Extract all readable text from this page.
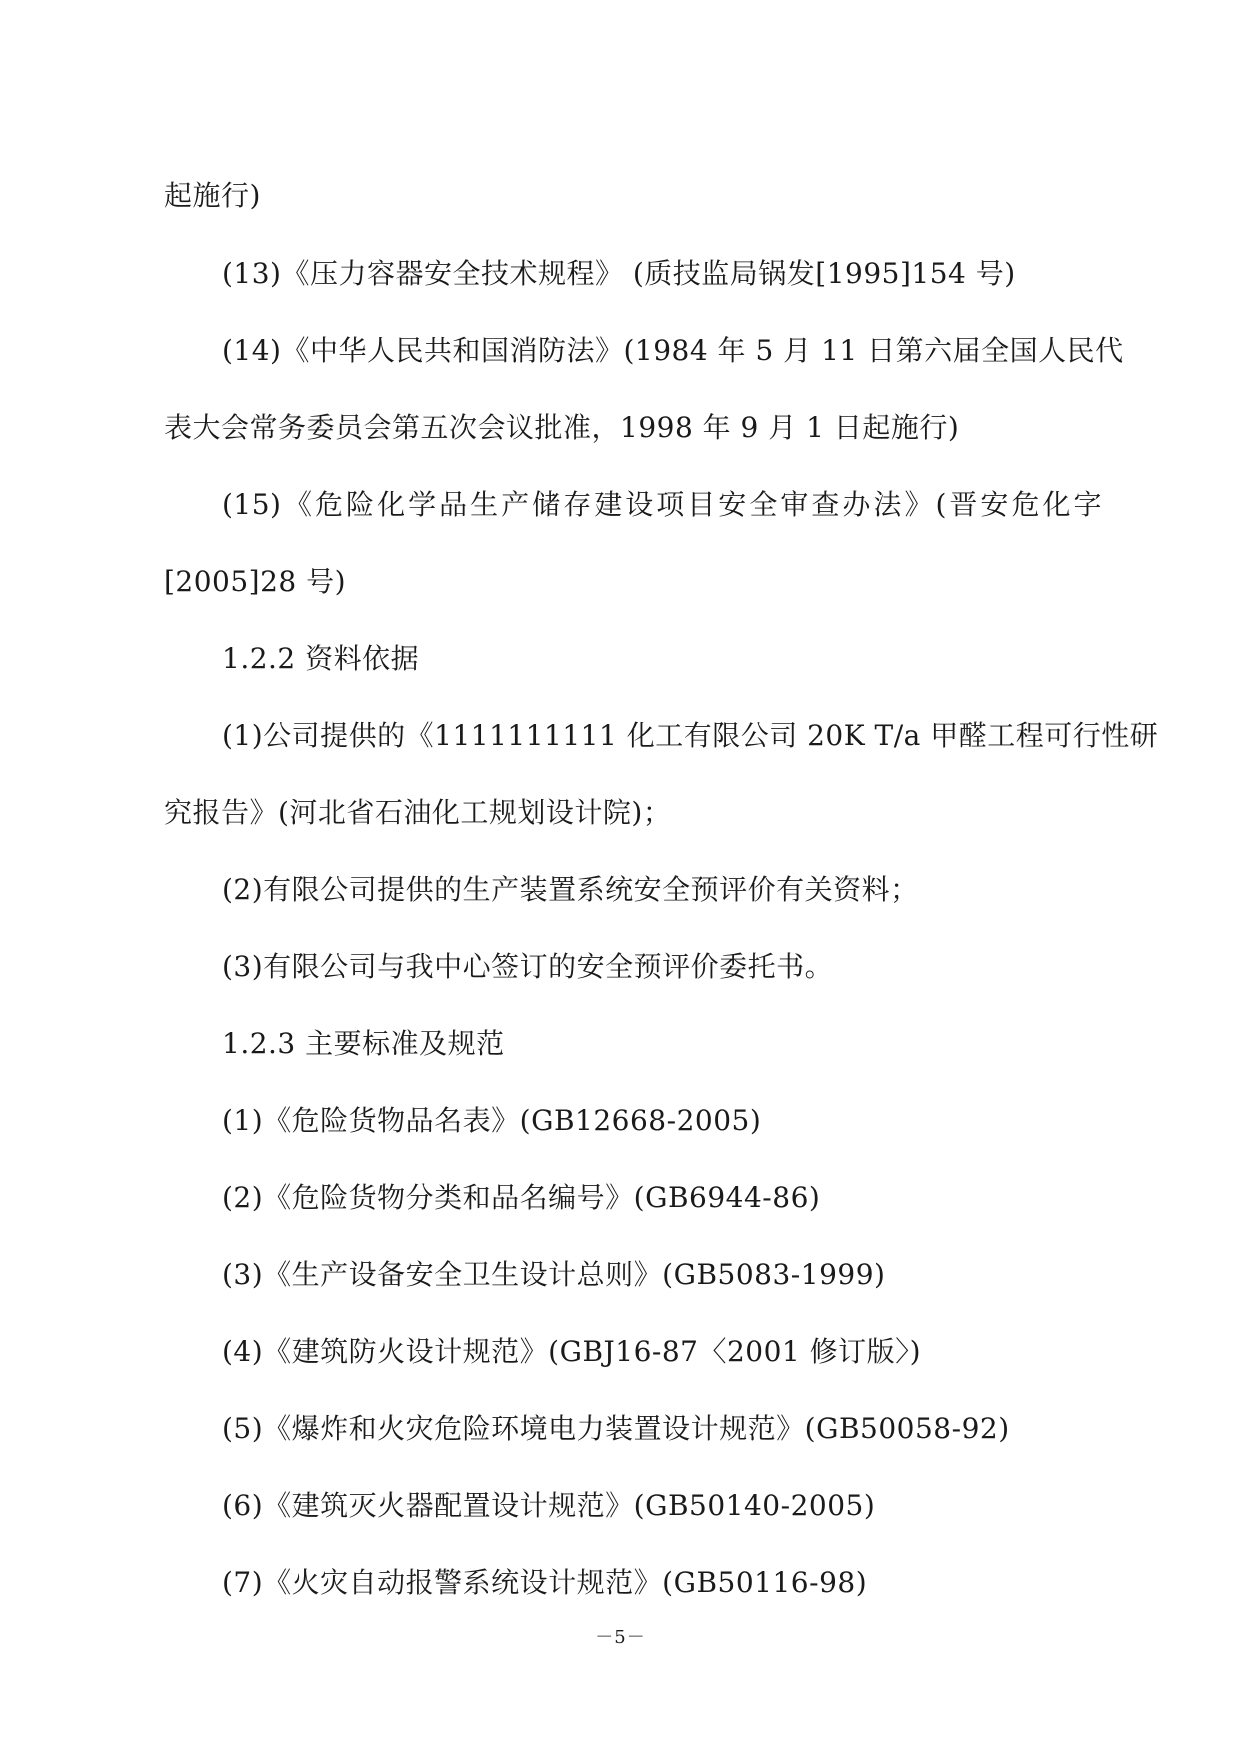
起施行)
(13)《压力容器安全技术规程》 (质技监局锅发[1995]154 号)
(14)《中华人民共和国消防法》(1984 年 5 月 11 日第六届全国人民代
表大会常务委员会第五次会议批准，1998 年 9 月 1 日起施行)
(15)《危险化学品生产储存建设项目安全审查办法》(晋安危化字
[2005]28 号)
1.2.2 资料依据
(1)公司提供的《1111111111 化工有限公司 20K T/a 甲醛工程可行性研
究报告》(河北省石油化工规划设计院)；
(2)有限公司提供的生产装置系统安全预评价有关资料；
(3)有限公司与我中心签订的安全预评价委托书。
1.2.3 主要标准及规范
(1)《危险货物品名表》(GB12668-2005)
(2)《危险货物分类和品名编号》(GB6944-86)
(3)《生产设备安全卫生设计总则》(GB5083-1999)
(4)《建筑防火设计规范》(GBJ16-87〈2001 修订版〉)
(5)《爆炸和火灾危险环境电力装置设计规范》(GB50058-92)
(6)《建筑灭火器配置设计规范》(GB50140-2005)
(7)《火灾自动报警系统设计规范》(GB50116-98)
－5－
